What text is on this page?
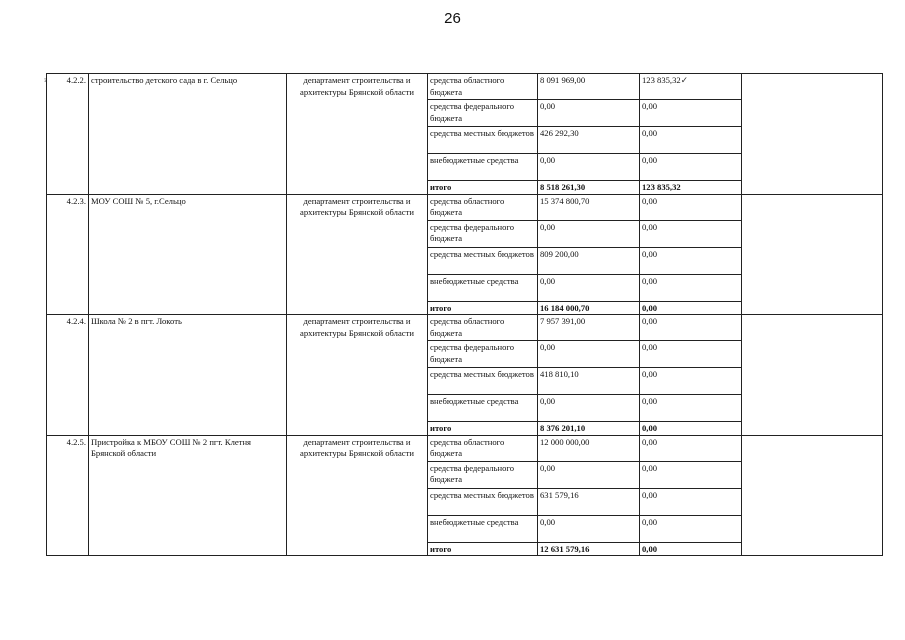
26
з 4.2.2.	строительство детского сада в г. Сельцо	департамент строительства и архитектуры Брянской области	средства областного бюджета	8 091 969,00	123 835,32✓	
			средства федерального бюджета	0,00	0,00	
			средства местных бюджетов	426 292,30	0,00	
			внебюджетные средства	0,00	0,00	
			итого	8 518 261,30	123 835,32	
4.2.3.	МОУ СОШ № 5, г.Сельцо	департамент строительства и архитектуры Брянской области	средства областного бюджета	15 374 800,70	0,00	
			средства федерального бюджета	0,00	0,00	
			средства местных бюджетов	809 200,00	0,00	
			внебюджетные средства	0,00	0,00	
			итого	16 184 000,70	0,00	
4.2.4.	Школа № 2 в пгт. Локоть	департамент строительства и архитектуры Брянской области	средства областного бюджета	7 957 391,00	0,00	
			средства федерального бюджета	0,00	0,00	
			средства местных бюджетов	418 810,10	0,00	
			внебюджетные средства	0,00	0,00	
			итого	8 376 201,10	0,00	
4.2.5.	Пристройка к МБОУ СОШ № 2 пгт. Клетня Брянской области	департамент строительства и архитектуры Брянской области	средства областного бюджета	12 000 000,00	0,00	
			средства федерального бюджета	0,00	0,00	
			средства местных бюджетов	631 579,16	0,00	
			внебюджетные средства	0,00	0,00	
			итого	12 631 579,16	0,00	
